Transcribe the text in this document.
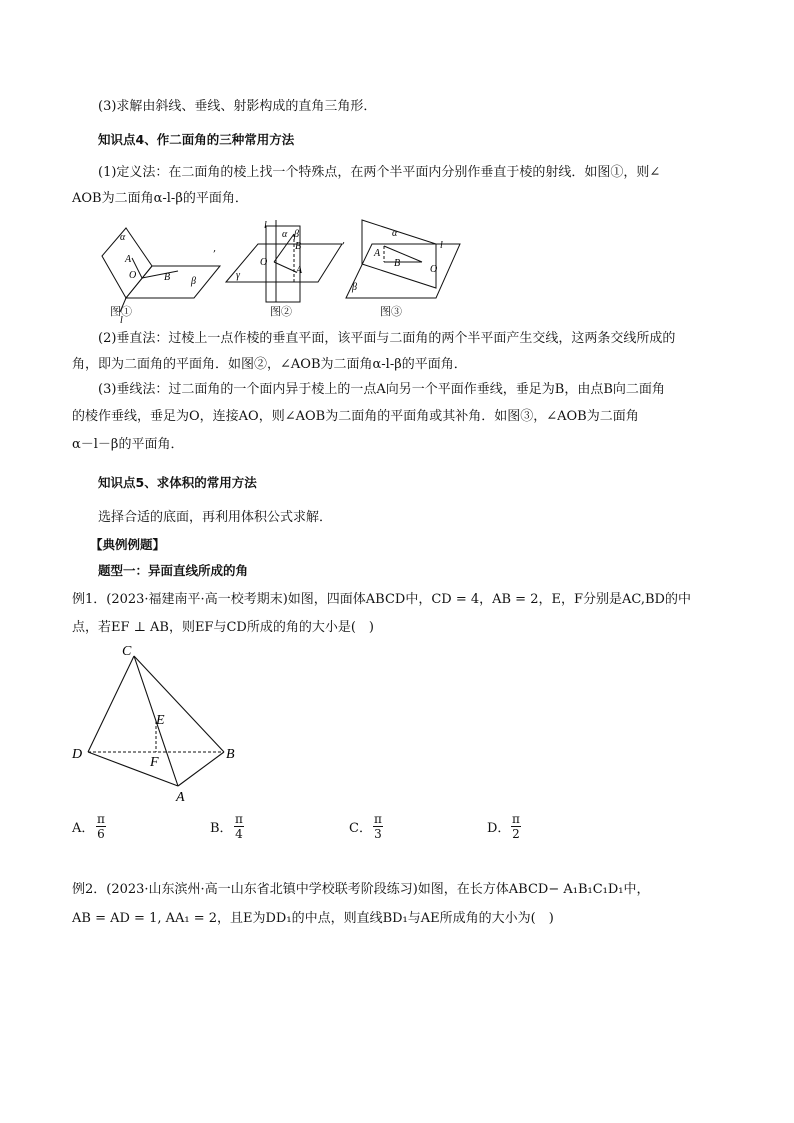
(3)求解由斜线、垂线、射影构成的直角三角形．
知识点4、作二面角的三种常用方法
(1)定义法：在二面角的棱上找一个特殊点，在两个半平面内分别作垂直于棱的射线．如图①，则∠
AOB为二面角α-l-β的平面角．
α
A
O	B β
l
图①
,
l
α β
O
A
B
γ
图②
,
α
l
A
B
O
β
图③
(2)垂直法：过棱上一点作棱的垂直平面，该平面与二面角的两个半平面产生交线，这两条交线所成的
角，即为二面角的平面角．如图②，∠AOB为二面角α-l-β的平面角．
(3)垂线法：过二面角的一个面内异于棱上的一点A向另一个平面作垂线，垂足为B，由点B向二面角
的棱作垂线，垂足为O，连接AO，则∠AOB为二面角的平面角或其补角．如图③，∠AOB为二面角
α－l－β的平面角．
知识点5、求体积的常用方法
选择合适的底面，再利用体积公式求解．
【典例例题】
题型一：异面直线所成的角
例1．(2023·福建南平·高一校考期末)如图，四面体ABCD中，CD = 4，AB = 2，E，F分别是AC,BD的中
点，若EF ⊥ AB，则EF与CD所成的角的大小是(　)
C
E
D
F
B
A
A． $\frac{\pi}{6}$	B． $\frac{\pi}{4}$	C． $\frac{\pi}{3}$	D． $\frac{\pi}{2}$
例2．(2023·山东滨州·高一山东省北镇中学校联考阶段练习)如图，在长方体ABCD− A₁B₁C₁D₁中，
AB = AD = 1, AA₁ = 2，且E为DD₁的中点，则直线BD₁与AE所成角的大小为(　)
